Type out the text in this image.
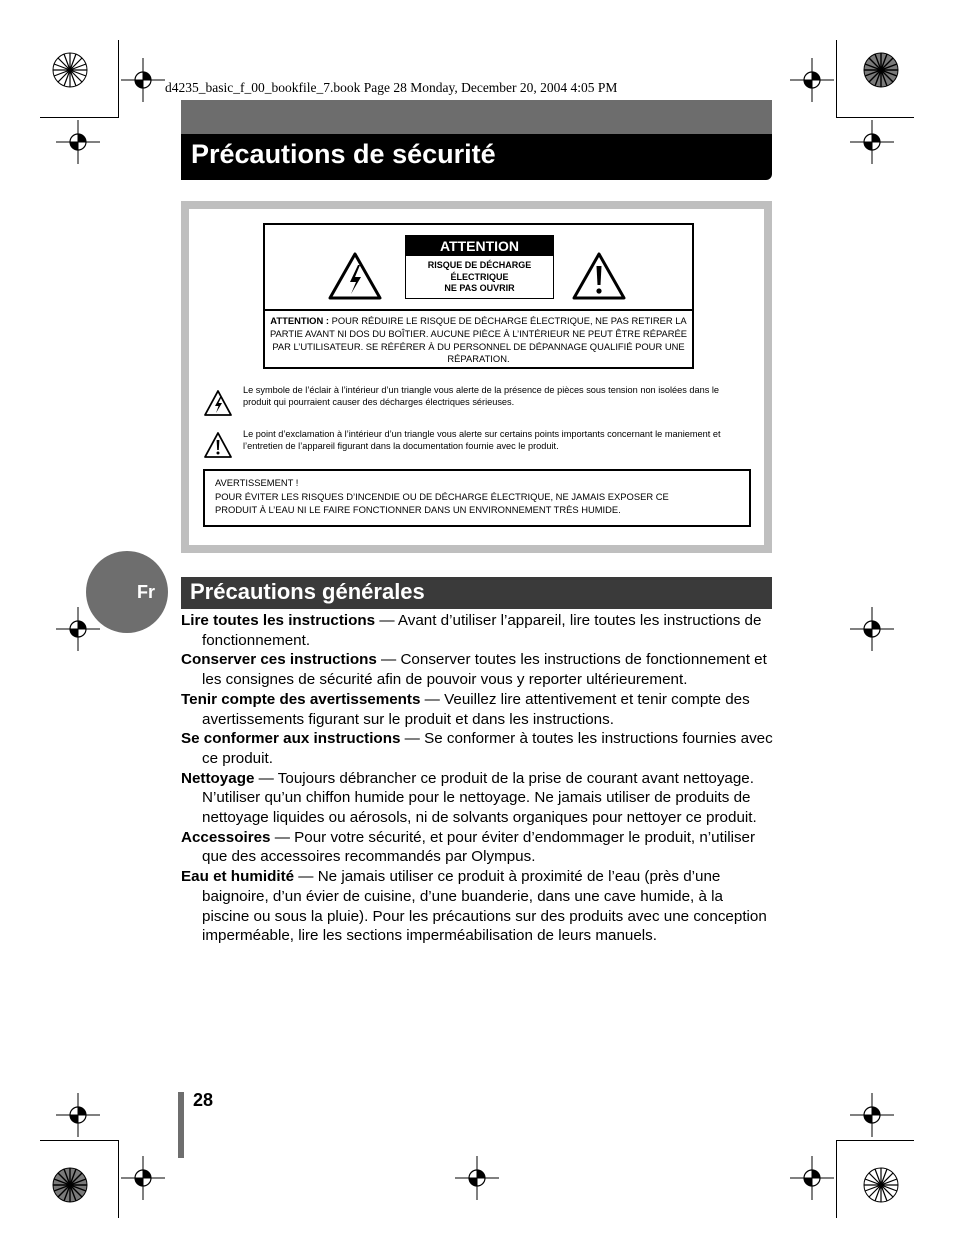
d4235_basic_f_00_bookfile_7.book Page 28 Monday, December 20, 2004 4:05 PM
Précautions de sécurité
ATTENTION
RISQUE DE DÉCHARGE
ÉLECTRIQUE
NE PAS OUVRIR
ATTENTION : POUR RÉDUIRE LE RISQUE DE DÉCHARGE ÉLECTRIQUE, NE PAS RETIRER LA PARTIE AVANT NI DOS DU BOÎTIER. AUCUNE PIÈCE À L’INTÉRIEUR NE PEUT ÊTRE RÉPARÉE PAR L’UTILISATEUR. SE RÉFÉRER À DU PERSONNEL DE DÉPANNAGE QUALIFIÉ POUR UNE RÉPARATION.
Le symbole de l’éclair à l’intérieur d’un triangle vous alerte de la présence de pièces sous tension non isolées dans le produit qui pourraient causer des décharges électriques sérieuses.
Le point d’exclamation à l’intérieur d’un triangle vous alerte sur certains points importants concernant le maniement et l’entretien de l’appareil figurant dans la documentation fournie avec le produit.

AVERTISSEMENT !

POUR ÉVITER LES RISQUES D’INCENDIE OU DE DÉCHARGE ÉLECTRIQUE, NE JAMAIS EXPOSER CE

PRODUIT À L’EAU NI LE FAIRE FONCTIONNER DANS UN ENVIRONNEMENT TRÈS HUMIDE.

Fr Précautions générales

Lire toutes les instructions — Avant d’utiliser l’appareil, lire toutes les instructions de fonctionnement.

Conserver ces instructions — Conserver toutes les instructions de fonctionnement et les consignes de sécurité afin de pouvoir vous y reporter ultérieurement.

Tenir compte des avertissements — Veuillez lire attentivement et tenir compte des avertissements figurant sur le produit et dans les instructions.

Se conformer aux instructions — Se conformer à toutes les instructions fournies avec ce produit.

Nettoyage — Toujours débrancher ce produit de la prise de courant avant nettoyage. N’utiliser qu’un chiffon humide pour le nettoyage. Ne jamais utiliser de produits de nettoyage liquides ou aérosols, ni de solvants organiques pour nettoyer ce produit.

Accessoires — Pour votre sécurité, et pour éviter d’endommager le produit, n’utiliser que des accessoires recommandés par Olympus.

Eau et humidité — Ne jamais utiliser ce produit à proximité de l’eau (près d’une baignoire, d’un évier de cuisine, d’une buanderie, dans une cave humide, à la piscine ou sous la pluie). Pour les précautions sur des produits avec une conception imperméable, lire les sections imperméabilisation de leurs manuels.

28
